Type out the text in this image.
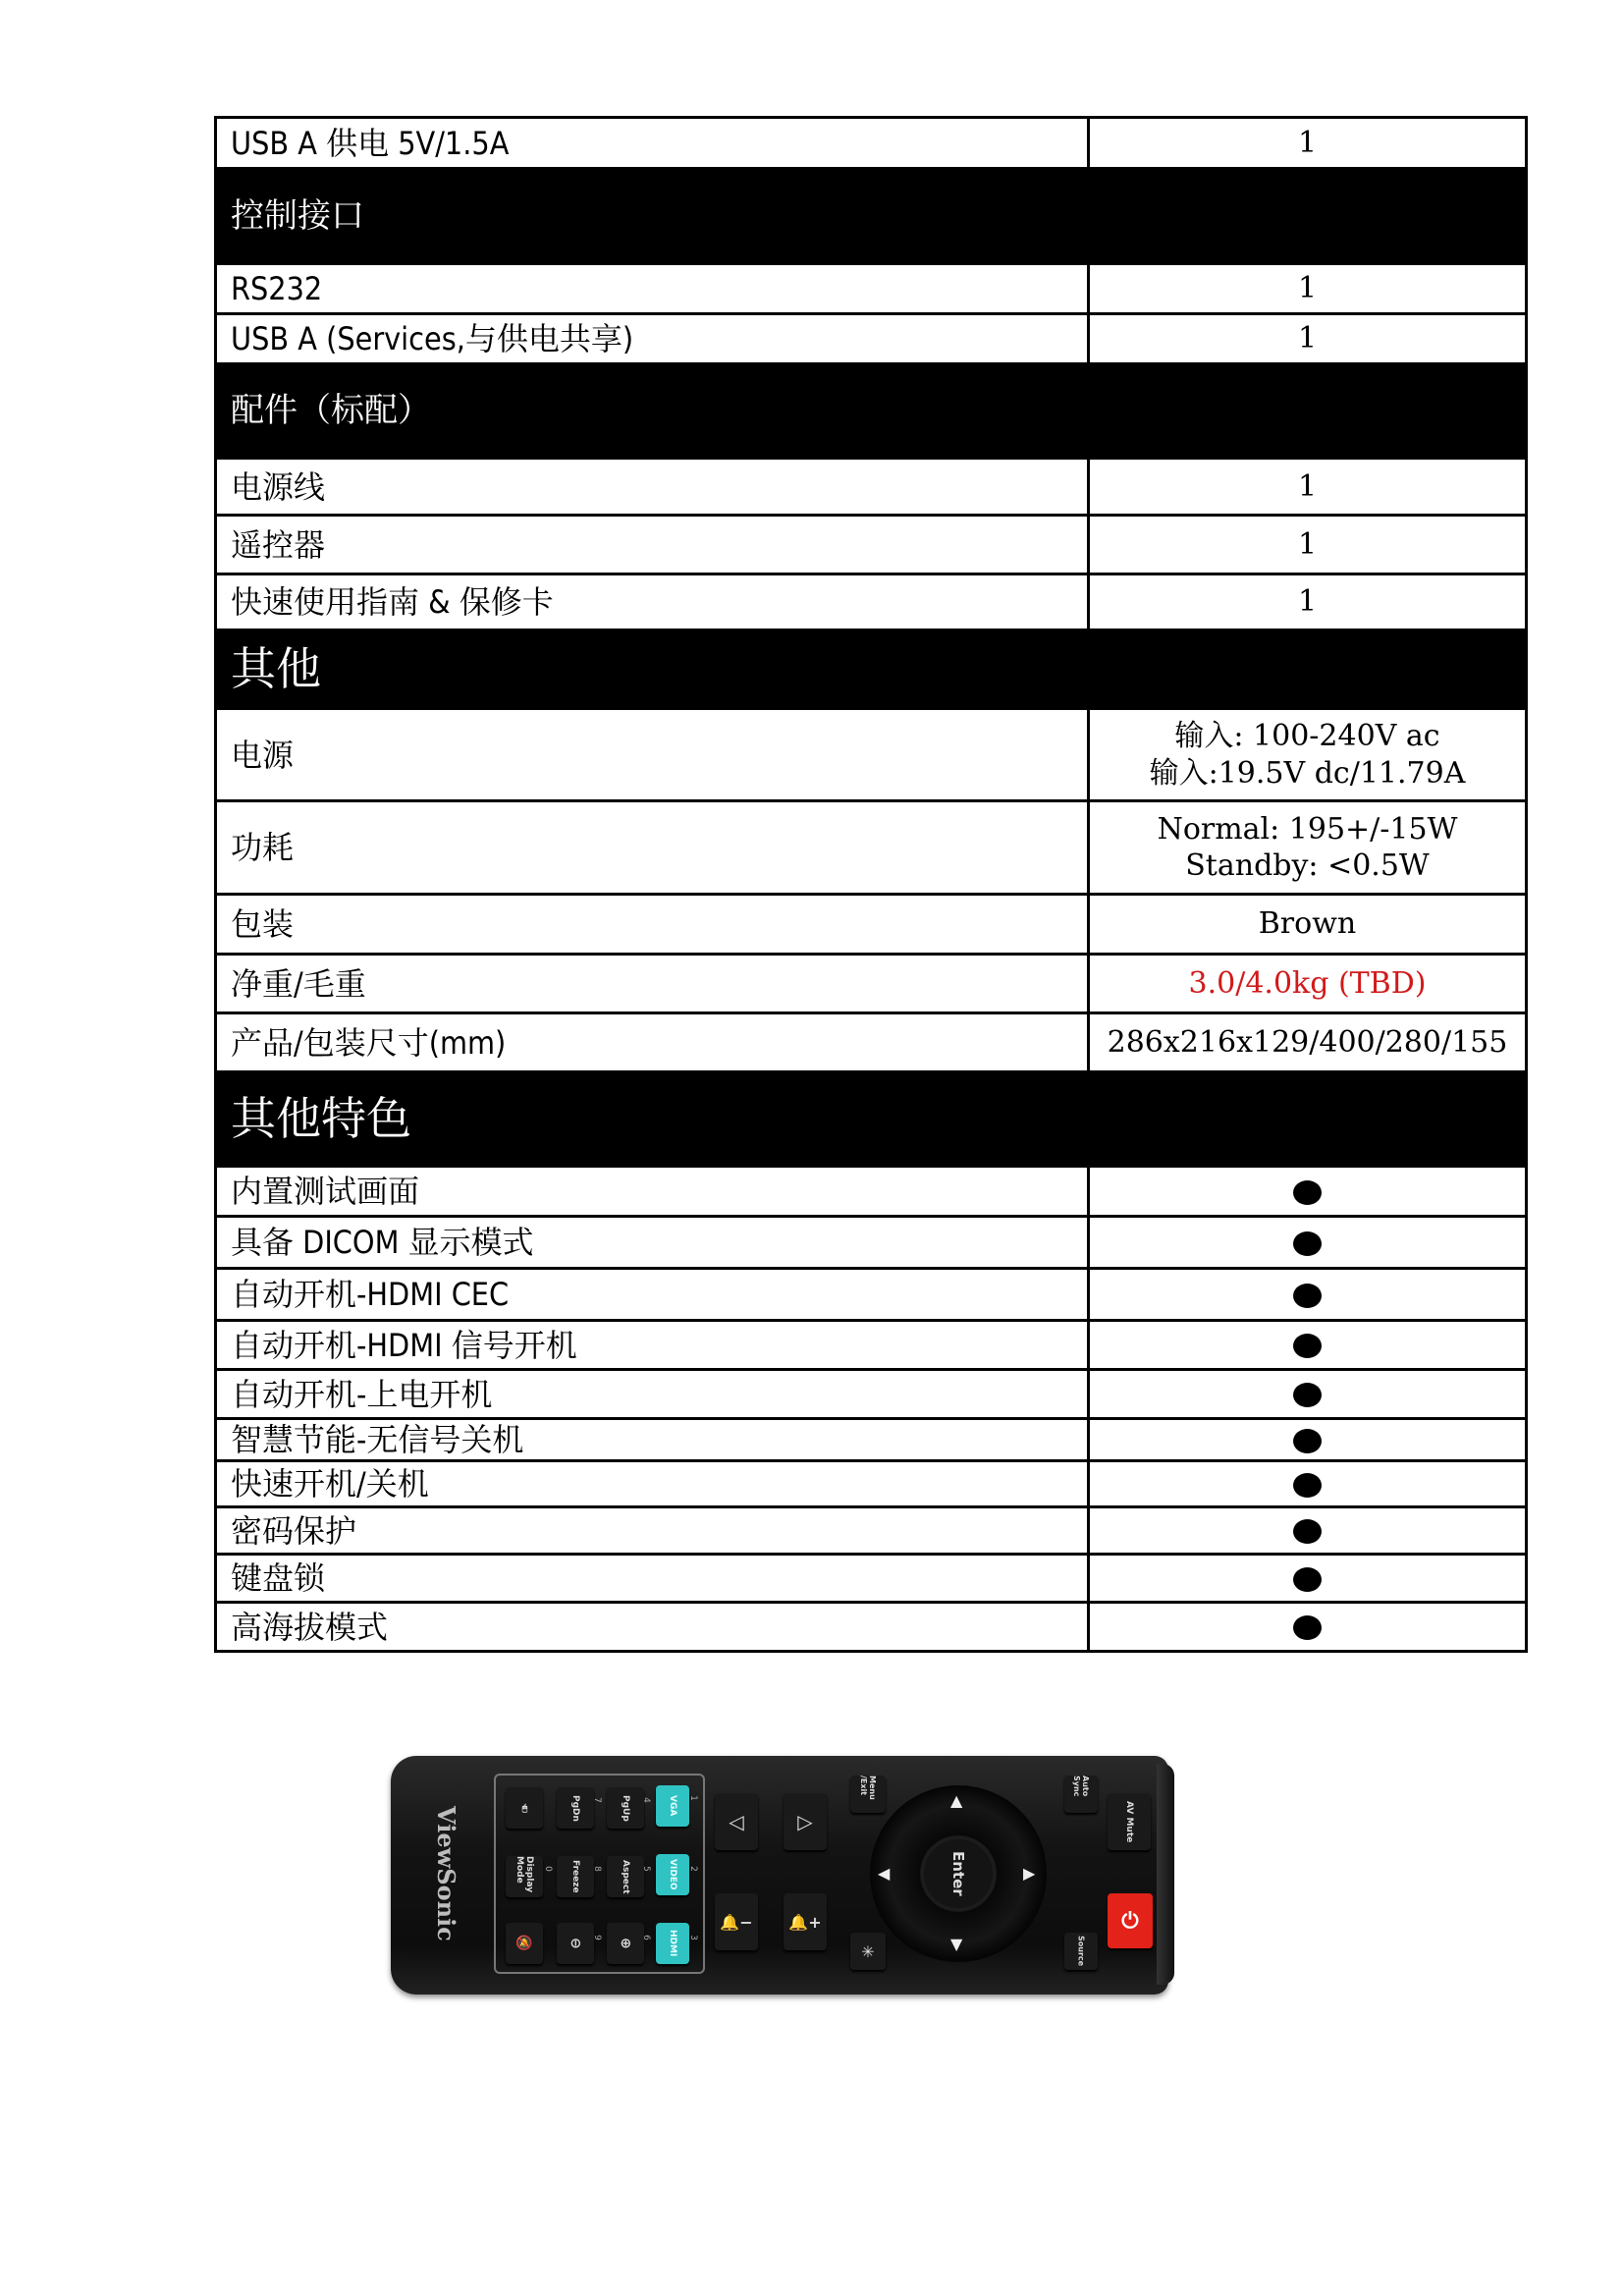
USB A 供电 5V/1.5A	1
控制接口	
RS232	1
USB A (Services,与供电共享)	1
配件（标配）	
电源线	1
遥控器	1
快速使用指南 & 保修卡	1
其他	
电源	输入: 100-240V ac
输入:19.5V dc/11.79A

功耗	Normal: 195+/-15W
Standby: <0.5W

包装	Brown
净重/毛重	3.0/4.0kg (TBD)
产品/包装尺寸(mm)	286x216x129/400/280/155
其他特色	
内置测试画面	
具备 DICOM 显示模式	
自动开机-HDMI CEC	
自动开机-HDMI 信号开机	
自动开机-上电开机	
智慧节能-无信号关机	
快速开机/关机	
密码保护	
键盘锁	
高海拔模式	
ViewSonic	🖱
Display Mode
🔕
PgDn
Freeze
⊖
PgUp
Aspect
⊕
VGA
VIDEO
HDMI
1
2
3
4
5
6
7
8
9
0
◁	▷
🔔−	🔔+
Menu /Exit
✳
▲
▼
◀	▶
Enter
Auto Sync
Source
AV Mute
⏻
